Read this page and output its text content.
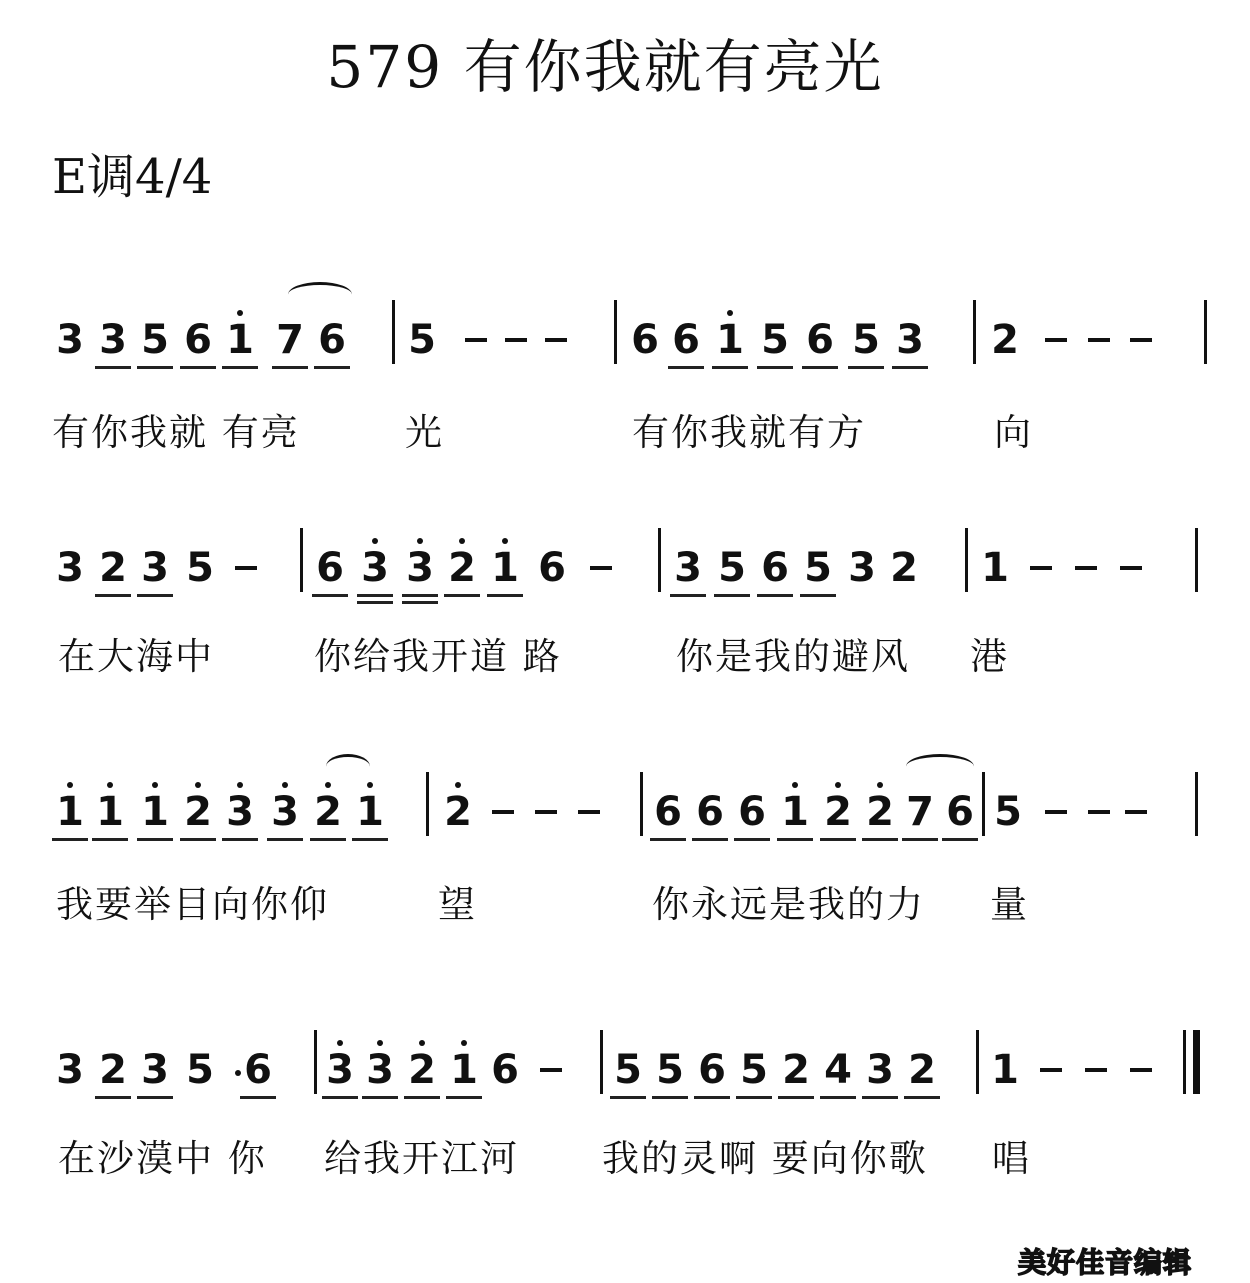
579 有你我就有亮光
E调4/4
3 3 5 6 1 7 6 5	6 6 1 5 6 5 3 2
3 2 3 5	6 3 3 2 1 6	3 5 6 5 3 2 1
1 1 1 2 3 3 2 1 2	6 6 6 1 2 2 7 6 5
3 2 3 5 6 3 3 2 1 6 5 5 6 5 2 4 3 2 1
美好佳音编辑
有你我就 有亮	光	有你我就有方	向
在大海中	你给我开道 路	你是我的避风 港
我要举目向你仰	望	你永远是我的力 量
在沙漠中 你 给我开江河 我的灵啊 要向你歌 唱
